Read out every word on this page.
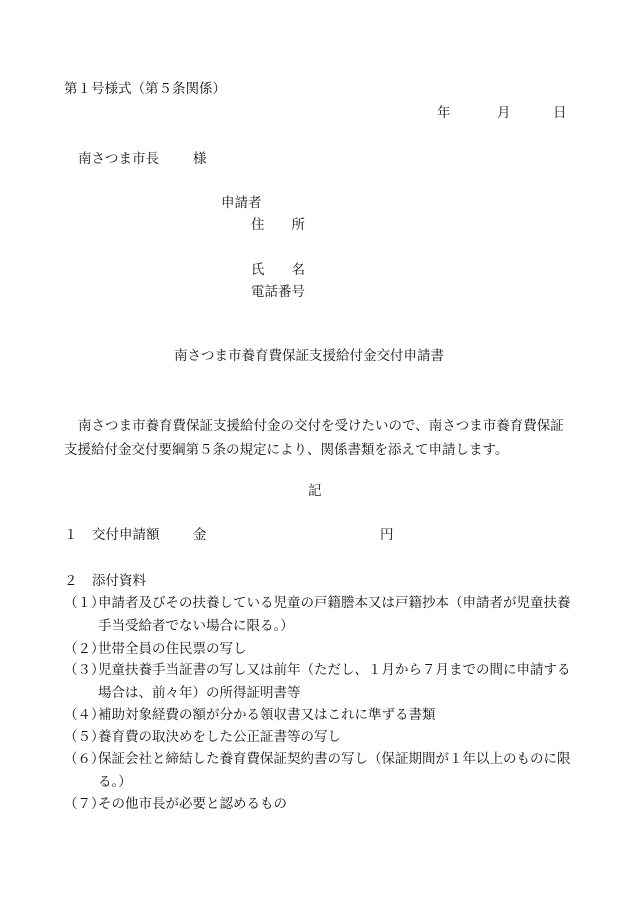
第１号様式（第５条関係）
年	月	日
南さつま市長	様
申請者
住　　所
氏　　名
電話番号
南さつま市養育費保証支援給付金交付申請書
南さつま市養育費保証支援給付金の交付を受けたいので、南さつま市養育費保証支援給付金交付要綱第５条の規定により、関係書類を添えて申請します。
記
１ 交付申請額 金	円
２ 添付資料
（１）
申請者及びその扶養している児童の戸籍謄本又は戸籍抄本（申請者が児童扶養手当受給者でない場合に限る。）
（２）
世帯全員の住民票の写し
（３）
児童扶養手当証書の写し又は前年（ただし、１月から７月までの間に申請する場合は、前々年）の所得証明書等
（４）
補助対象経費の額が分かる領収書又はこれに準ずる書類
（５）
養育費の取決めをした公正証書等の写し
（６）
保証会社と締結した養育費保証契約書の写し（保証期間が１年以上のものに限る。）
（７）
その他市長が必要と認めるもの
